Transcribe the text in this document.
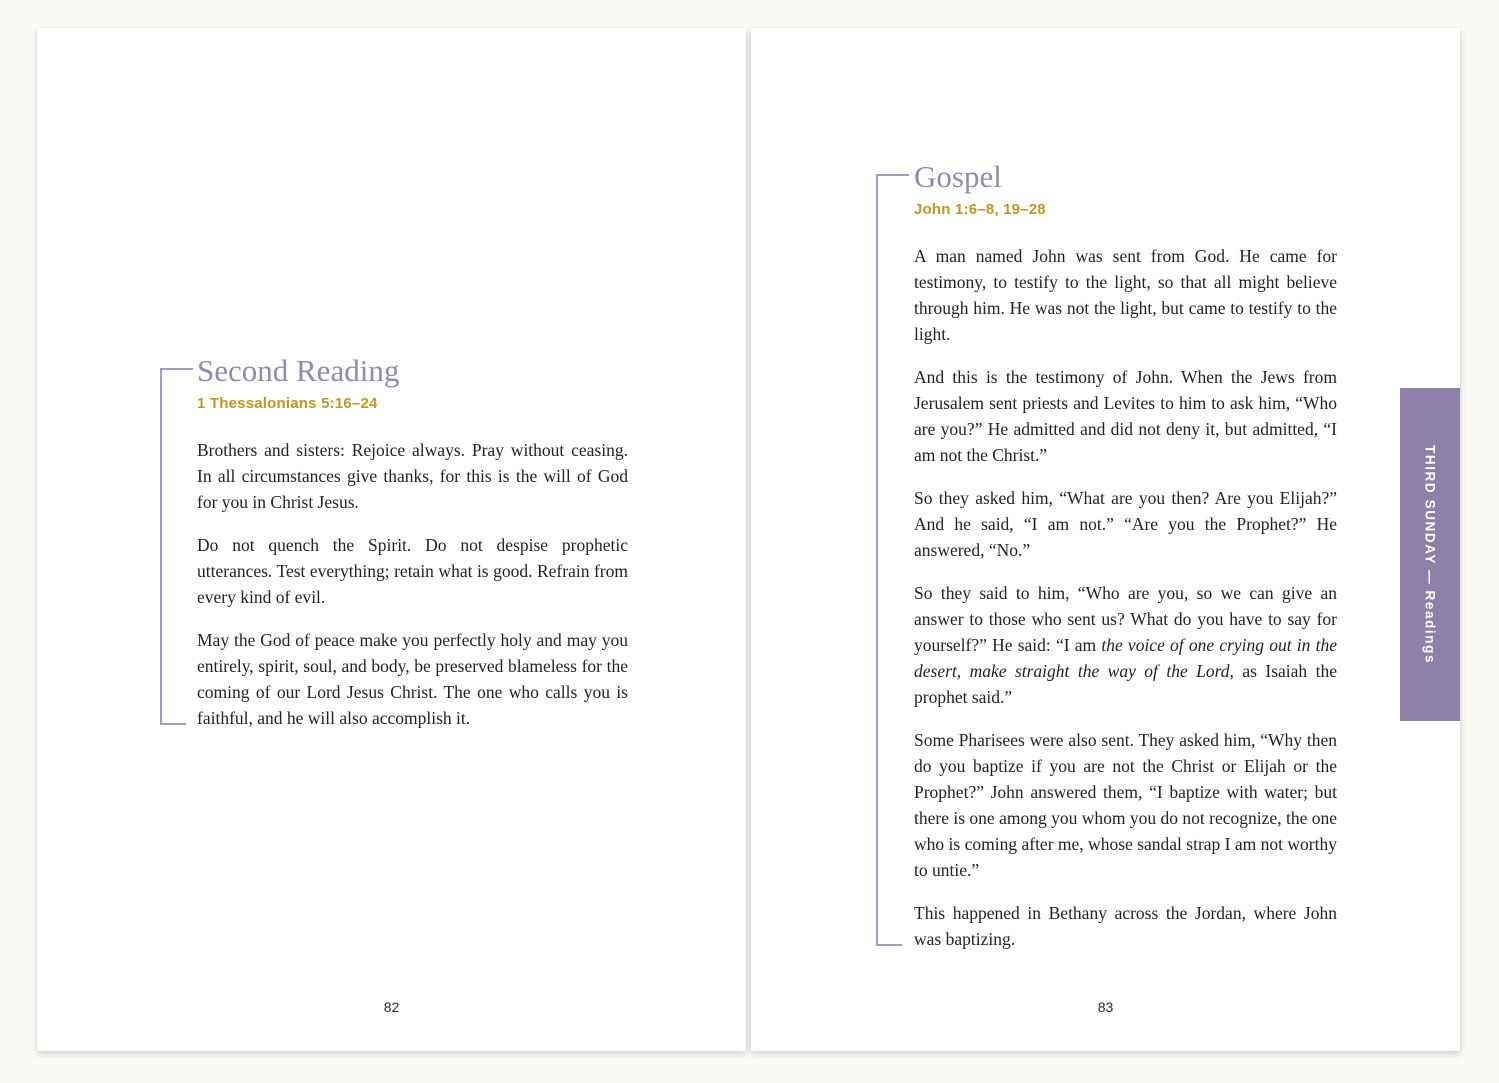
Second Reading
1 Thessalonians 5:16–24

Brothers and sisters: Rejoice always. Pray without ceasing. In all circumstances give thanks, for this is the will of God for you in Christ Jesus.

Do not quench the Spirit. Do not despise prophetic utterances. Test everything; retain what is good. Refrain from every kind of evil.

May the God of peace make you perfectly holy and may you entirely, spirit, soul, and body, be preserved blameless for the coming of our Lord Jesus Christ. The one who calls you is faithful, and he will also accomplish it.

82
Gospel
John 1:6–8, 19–28

A man named John was sent from God. He came for testimony, to testify to the light, so that all might believe through him. He was not the light, but came to testify to the light.

And this is the testimony of John. When the Jews from Jerusalem sent priests and Levites to him to ask him, “Who are you?” He admitted and did not deny it, but admitted, “I am not the Christ.”

So they asked him, “What are you then? Are you Elijah?” And he said, “I am not.” “Are you the Prophet?” He answered, “No.”

So they said to him, “Who are you, so we can give an answer to those who sent us? What do you have to say for yourself?” He said: “I am the voice of one crying out in the desert, make straight the way of the Lord, as Isaiah the prophet said.”

Some Pharisees were also sent. They asked him, “Why then do you baptize if you are not the Christ or Elijah or the Prophet?” John answered them, “I baptize with water; but there is one among you whom you do not recognize, the one who is coming after me, whose sandal strap I am not worthy to untie.”

This happened in Bethany across the Jordan, where John was baptizing.

83
THIRD SUNDAY — Readings
